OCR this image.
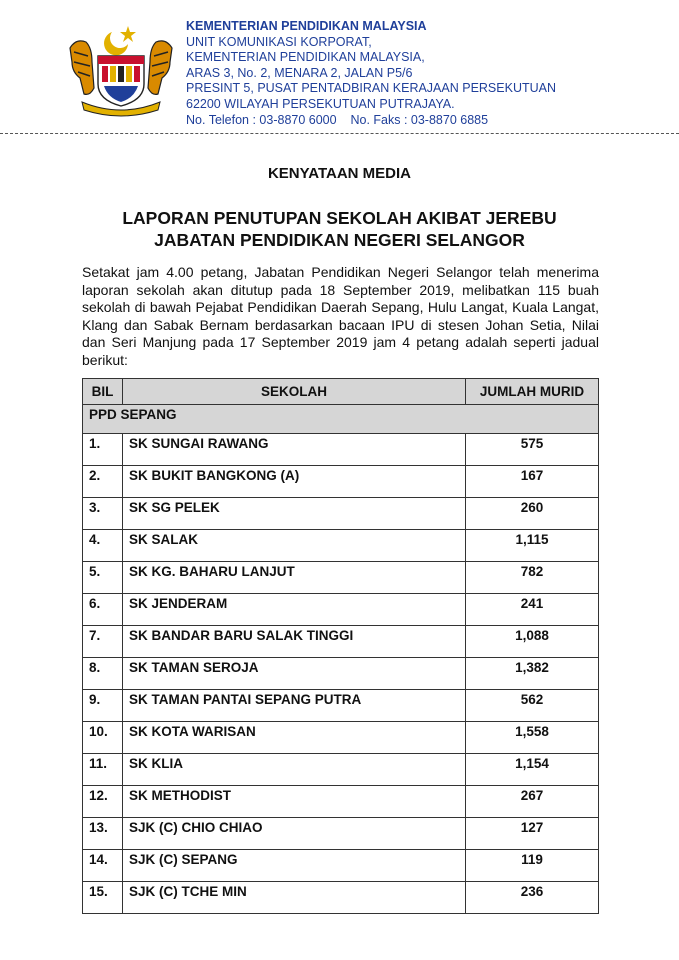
KEMENTERIAN PENDIDIKAN MALAYSIA
UNIT KOMUNIKASI KORPORAT,
KEMENTERIAN PENDIDIKAN MALAYSIA,
ARAS 3, No. 2, MENARA 2, JALAN P5/6
PRESINT 5, PUSAT PENTADBIRAN KERAJAAN PERSEKUTUAN
62200 WILAYAH PERSEKUTUAN PUTRAJAYA.
No. Telefon : 03-8870 6000    No. Faks : 03-8870 6885
KENYATAAN MEDIA
LAPORAN PENUTUPAN SEKOLAH AKIBAT JEREBU
JABATAN PENDIDIKAN NEGERI SELANGOR
Setakat jam 4.00 petang, Jabatan Pendidikan Negeri Selangor telah menerima laporan sekolah akan ditutup pada 18 September 2019, melibatkan 115 buah sekolah di bawah Pejabat Pendidikan Daerah Sepang, Hulu Langat, Kuala Langat, Klang dan Sabak Bernam berdasarkan bacaan IPU di stesen Johan Setia, Nilai dan Seri Manjung pada 17 September 2019 jam 4 petang adalah seperti jadual berikut:
BIL	SEKOLAH	JUMLAH MURID
PPD SEPANG		
1.	SK SUNGAI RAWANG	575
2.	SK BUKIT BANGKONG (A)	167
3.	SK SG PELEK	260
4.	SK SALAK	1,115
5.	SK KG. BAHARU LANJUT	782
6.	SK JENDERAM	241
7.	SK BANDAR BARU SALAK TINGGI	1,088
8.	SK TAMAN SEROJA	1,382
9.	SK TAMAN PANTAI SEPANG PUTRA	562
10.	SK KOTA WARISAN	1,558
11.	SK KLIA	1,154
12.	SK METHODIST	267
13.	SJK (C) CHIO CHIAO	127
14.	SJK (C) SEPANG	119
15.	SJK (C) TCHE MIN	236
